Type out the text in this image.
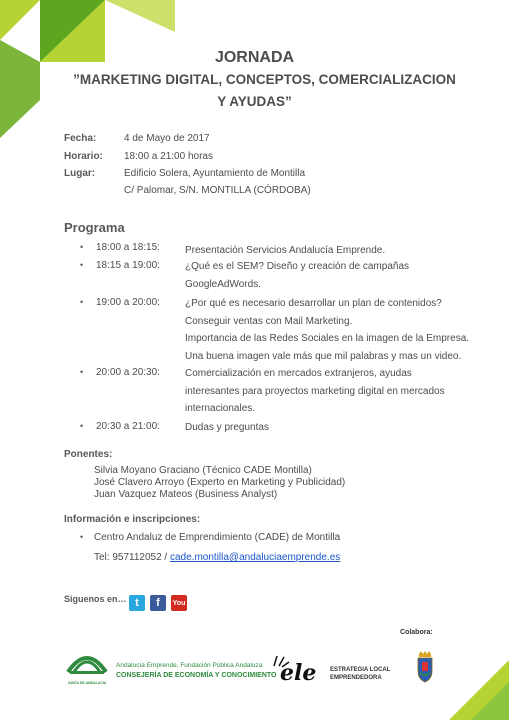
JORNADA
”MARKETING DIGITAL, CONCEPTOS, COMERCIALIZACION
Y AYUDAS”
Fecha:	4 de Mayo de 2017
Horario: 18:00 a 21:00 horas
Lugar:	Edificio Solera, Ayuntamiento de Montilla
C/ Palomar, S/N. MONTILLA (CÓRDOBA)
Programa
• 18:00 a 18:15:	Presentación Servicios Andalucía Emprende.
• 18:15 a 19:00:	¿Qué es el SEM? Diseño y creación de campañas
GoogleAdWords.
• 19:00 a 20:00:	¿Por qué es necesario desarrollar un plan de contenidos?
Conseguir ventas con Mail Marketing.
Importancia de las Redes Sociales en la imagen de la Empresa.
Una buena imagen vale más que mil palabras y mas un video.
• 20:00 a 20:30:	Comercialización en mercados extranjeros, ayudas
interesantes para proyectos marketing digital en mercados
internacionales.
• 20:30 a 21:00:	Dudas y preguntas
Ponentes:
Silvia Moyano Graciano (Técnico CADE Montilla)
José Clavero Arroyo (Experto en Marketing y Publicidad)
Juan Vazquez Mateos (Business Analyst)
Información e inscripciones:
• Centro Andaluz de Emprendimiento (CADE) de Montilla
Tel: 957112052 / cade.montilla@andaluciaemprende.es
Siguenos en… t f You
Colabora:
JUNTA DE ANDALUCIA
Andalucía Emprende, Fundación Pública Andaluza
CONSEJERÍA DE ECONOMÍA Y CONOCIMIENTO ele ESTRATEGIA LOCAL
EMPRENDEDORA
